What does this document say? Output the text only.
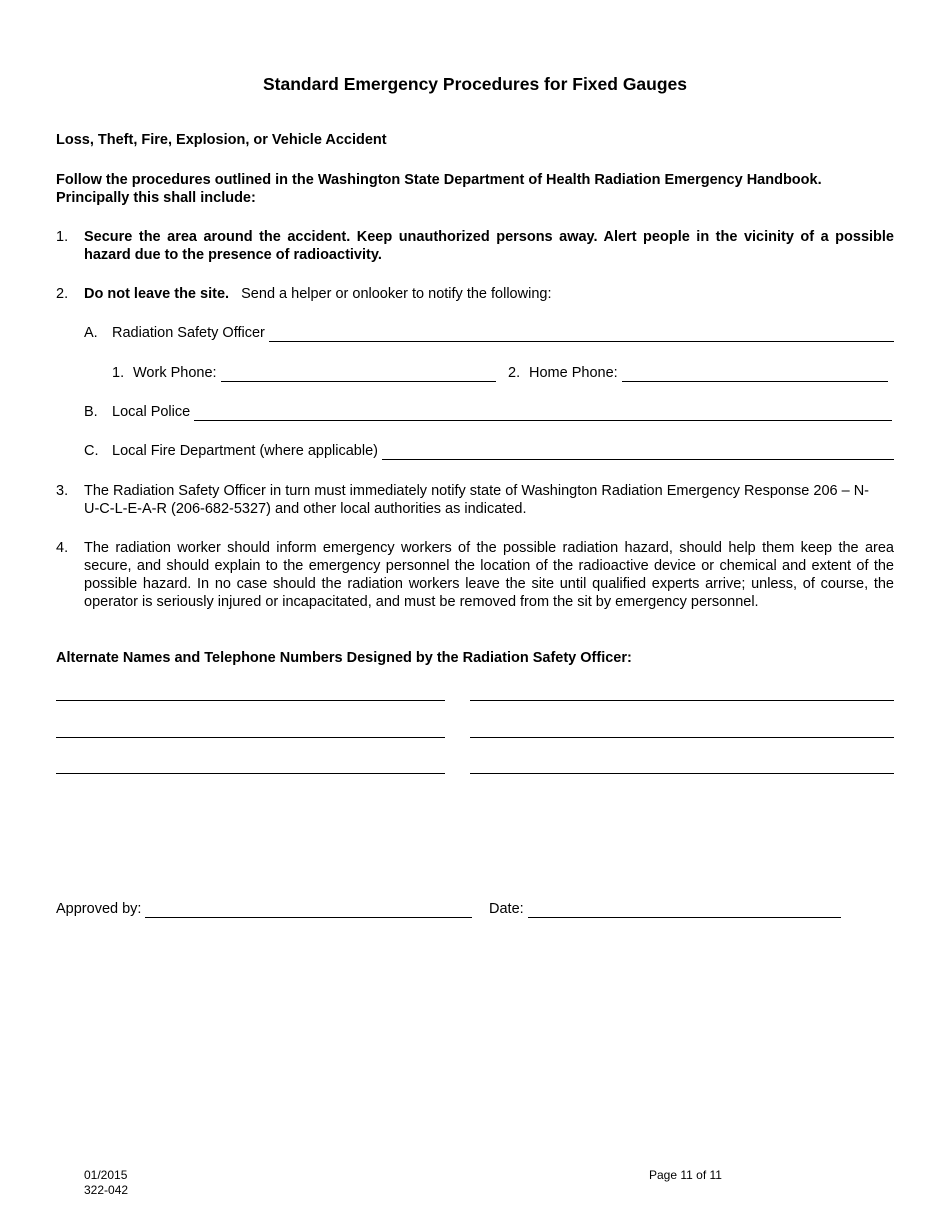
Standard Emergency Procedures for Fixed Gauges
Loss, Theft, Fire, Explosion, or Vehicle Accident
Follow the procedures outlined in the Washington State Department of Health Radiation Emergency Handbook. Principally this shall include:
1. Secure the area around the accident. Keep unauthorized persons away. Alert people in the vicinity of a possible hazard due to the presence of radioactivity.
2. Do not leave the site. Send a helper or onlooker to notify the following:
A. Radiation Safety Officer
1. Work Phone:	2. Home Phone:
B. Local Police
C. Local Fire Department (where applicable)
3. The Radiation Safety Officer in turn must immediately notify state of Washington Radiation Emergency Response 206 – N-U-C-L-E-A-R (206-682-5327) and other local authorities as indicated.
4. The radiation worker should inform emergency workers of the possible radiation hazard, should help them keep the area secure, and should explain to the emergency personnel the location of the radioactive device or chemical and extent of the possible hazard. In no case should the radiation workers leave the site until qualified experts arrive; unless, of course, the operator is seriously injured or incapacitated, and must be removed from the sit by emergency personnel.
Alternate Names and Telephone Numbers Designed by the Radiation Safety Officer:
Approved by:	Date:
01/2015
322-042
Page 11 of 11
